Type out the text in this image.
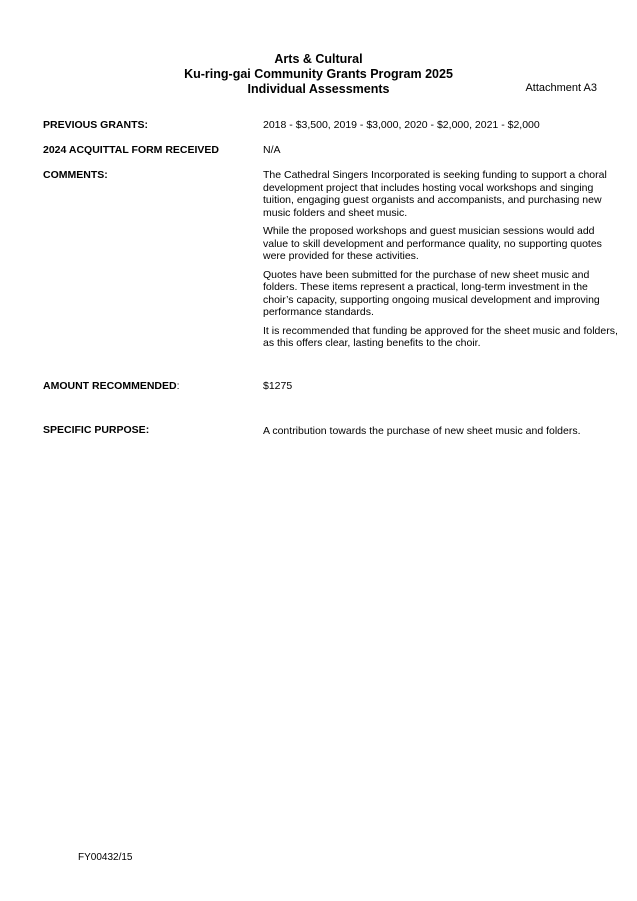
Arts & Cultural
Ku-ring-gai Community Grants Program 2025
Individual Assessments	Attachment A3
PREVIOUS GRANTS:	2018 - $3,500, 2019 - $3,000, 2020 - $2,000, 2021 - $2,000
2024 ACQUITTAL FORM RECEIVED	N/A
COMMENTS:	The Cathedral Singers Incorporated is seeking funding to support a choral development project that includes hosting vocal workshops and singing tuition, engaging guest organists and accompanists, and purchasing new music folders and sheet music.

While the proposed workshops and guest musician sessions would add value to skill development and performance quality, no supporting quotes were provided for these activities.

Quotes have been submitted for the purchase of new sheet music and folders. These items represent a practical, long-term investment in the choir’s capacity, supporting ongoing musical development and improving performance standards.

It is recommended that funding be approved for the sheet music and folders, as this offers clear, lasting benefits to the choir.

AMOUNT RECOMMENDED:	$1275
SPECIFIC PURPOSE:	A contribution towards the purchase of new sheet music and folders.
FY00432/15
